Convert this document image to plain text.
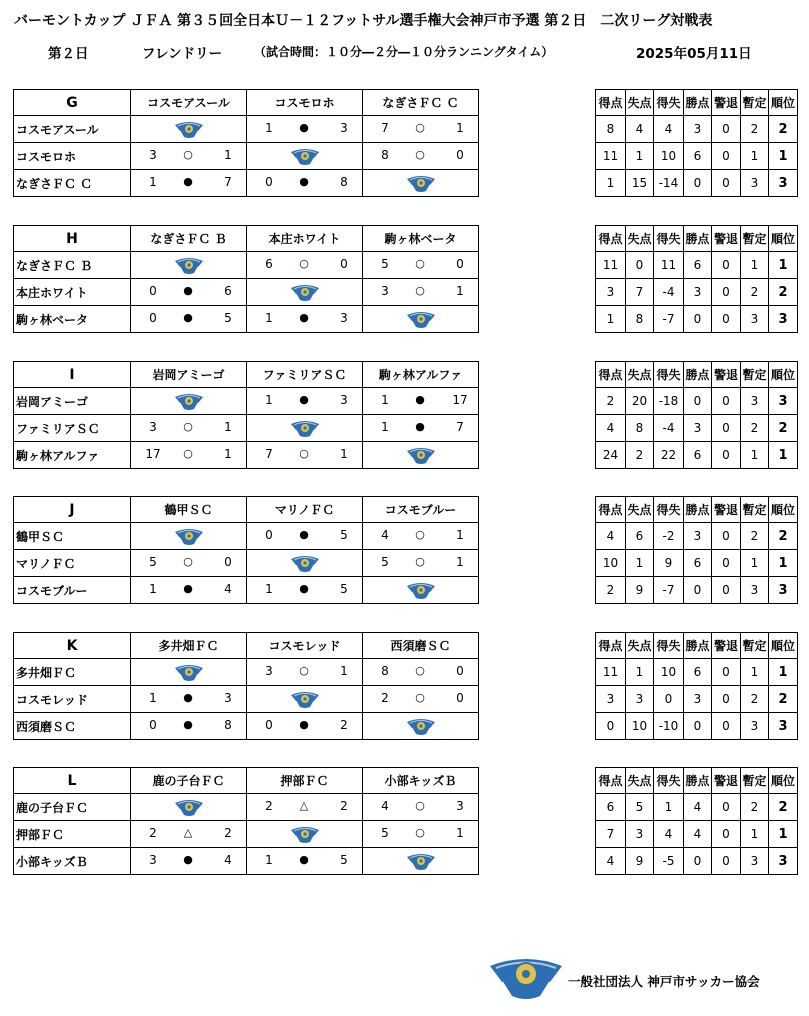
バーモントカップ ＪＦＡ 第３５回全日本Ｕ－１２フットサル選手権大会神戸市予選 第２日　二次リーグ対戦表
第２日	フレンドリー	（試合時間：１０分―２分―１０分ランニングタイム）	2025年05月11日
G	コスモアスール	コスモロホ	なぎさＦＣ Ｃ
コスモアスール		1 ● 3	7 ○ 1

コスモロホ	3 ○ 1		8 ○ 0

なぎさＦＣ Ｃ	1 ● 7	0 ● 8

得点	失点	得失	勝点	警退	暫定	順位
8	4	4	3	0	2	2
11	1	10	6	0	1	1
1	15	-14	0	0	3	3
H	なぎさＦＣ Ｂ	本庄ホワイト	駒ヶ林ベータ
なぎさＦＣ Ｂ		6 ○ 0	5 ○ 0

本庄ホワイト	0 ● 6		3 ○ 1

駒ヶ林ベータ	0 ● 5	1 ● 3

得点	失点	得失	勝点	警退	暫定	順位
11	0	11	6	0	1	1
3	7	-4	3	0	2	2
1	8	-7	0	0	3	3
I	岩岡アミーゴ	ファミリアＳＣ	駒ヶ林アルファ
岩岡アミーゴ		1 ● 3	1 ● 17

ファミリアＳＣ	3 ○ 1		1 ● 7

駒ヶ林アルファ	17 ○ 1	7 ○ 1

得点	失点	得失	勝点	警退	暫定	順位
2	20	-18	0	0	3	3
4	8	-4	3	0	2	2
24	2	22	6	0	1	1
J	鶴甲ＳＣ	マリノＦＣ	コスモブルー
鶴甲ＳＣ		0 ● 5	4 ○ 1

マリノＦＣ	5 ○ 0		5 ○ 1

コスモブルー	1 ● 4	1 ● 5

得点	失点	得失	勝点	警退	暫定	順位
4	6	-2	3	0	2	2
10	1	9	6	0	1	1
2	9	-7	0	0	3	3
K	多井畑ＦＣ	コスモレッド	西須磨ＳＣ
多井畑ＦＣ		3 ○ 1	8 ○ 0

コスモレッド	1 ● 3		2 ○ 0

西須磨ＳＣ	0 ● 8	0 ● 2

得点	失点	得失	勝点	警退	暫定	順位
11	1	10	6	0	1	1
3	3	0	3	0	2	2
0	10	-10	0	0	3	3
L	鹿の子台ＦＣ	押部ＦＣ	小部キッズＢ
鹿の子台ＦＣ		2 △ 2	4 ○ 3

押部ＦＣ	2 △ 2		5 ○ 1

小部キッズＢ	3 ● 4	1 ● 5

得点	失点	得失	勝点	警退	暫定	順位
6	5	1	4	0	2	2
7	3	4	4	0	1	1
4	9	-5	0	0	3	3
一般社団法人 神戸市サッカー協会
